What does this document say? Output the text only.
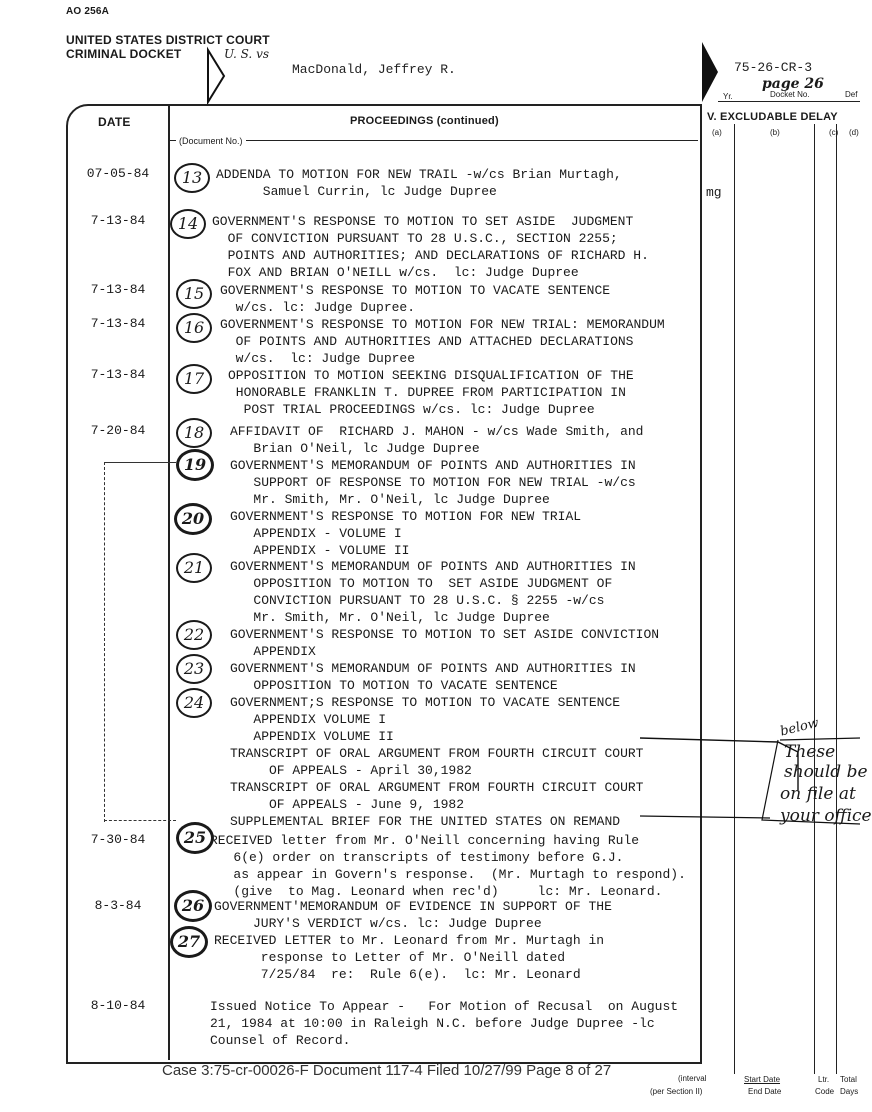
AO 256A
UNITED STATES DISTRICT COURT
CRIMINAL DOCKET	U. S. vs
MacDonald, Jeffrey R.	75-26-CR-3
page 26
Yr.	Docket No.	Def
DATE	PROCEEDINGS (continued)
(Document No.)
V. EXCLUDABLE DELAY
(a)	(b)	(c) (d)
07-05-84	13	ADDENDA TO MOTION FOR NEW TRAIL -w/cs Brian Murtagh,
Samuel Currin, lc Judge Dupree	mg
7-13-84	14	GOVERNMENT'S RESPONSE TO MOTION TO SET ASIDE  JUDGMENT
OF CONVICTION PURSUANT TO 28 U.S.C., SECTION 2255;
POINTS AND AUTHORITIES; AND DECLARATIONS OF RICHARD H.
FOX AND BRIAN O'NEILL w/cs.  lc: Judge Dupree
7-13-84	15	GOVERNMENT'S RESPONSE TO MOTION TO VACATE SENTENCE
w/cs. lc: Judge Dupree.
7-13-84	16	GOVERNMENT'S RESPONSE TO MOTION FOR NEW TRIAL: MEMORANDUM
OF POINTS AND AUTHORITIES AND ATTACHED DECLARATIONS
w/cs.  lc: Judge Dupree
7-13-84	17	OPPOSITION TO MOTION SEEKING DISQUALIFICATION OF THE
HONORABLE FRANKLIN T. DUPREE FROM PARTICIPATION IN
POST TRIAL PROCEEDINGS w/cs. lc: Judge Dupree
7-20-84	18	AFFIDAVIT OF  RICHARD J. MAHON - w/cs Wade Smith, and
Brian O'Neil, lc Judge Dupree
19	GOVERNMENT'S MEMORANDUM OF POINTS AND AUTHORITIES IN
SUPPORT OF RESPONSE TO MOTION FOR NEW TRIAL -w/cs
Mr. Smith, Mr. O'Neil, lc Judge Dupree
20	GOVERNMENT'S RESPONSE TO MOTION FOR NEW TRIAL
APPENDIX - VOLUME I
APPENDIX - VOLUME II
21	GOVERNMENT'S MEMORANDUM OF POINTS AND AUTHORITIES IN
OPPOSITION TO MOTION TO  SET ASIDE JUDGMENT OF
CONVICTION PURSUANT TO 28 U.S.C. § 2255 -w/cs
Mr. Smith, Mr. O'Neil, lc Judge Dupree
22	GOVERNMENT'S RESPONSE TO MOTION TO SET ASIDE CONVICTION
APPENDIX
23	GOVERNMENT'S MEMORANDUM OF POINTS AND AUTHORITIES IN
OPPOSITION TO MOTION TO VACATE SENTENCE
24	GOVERNMENT;S RESPONSE TO MOTION TO VACATE SENTENCE
APPENDIX VOLUME I
APPENDIX VOLUME II
TRANSCRIPT OF ORAL ARGUMENT FROM FOURTH CIRCUIT COURT
OF APPEALS - April 30,1982
TRANSCRIPT OF ORAL ARGUMENT FROM FOURTH CIRCUIT COURT
OF APPEALS - June 9, 1982
SUPPLEMENTAL BRIEF FOR THE UNITED STATES ON REMAND
7-30-84	25 RECEIVED letter from Mr. O'Neill concerning having Rule
6(e) order on transcripts of testimony before G.J.
as appear in Govern's response.  (Mr. Murtagh to respond).
(give  to Mag. Leonard when rec'd)     lc: Mr. Leonard.
8-3-84	26 GOVERNMENT'MEMORANDUM OF EVIDENCE IN SUPPORT OF THE
JURY'S VERDICT w/cs. lc: Judge Dupree
27	RECEIVED LETTER to Mr. Leonard from Mr. Murtagh in
response to Letter of Mr. O'Neill dated
7/25/84  re:  Rule 6(e).  lc: Mr. Leonard
8-10-84	Issued Notice To Appear -   For Motion of Recusal  on August
21, 1984 at 10:00 in Raleigh N.C. before Judge Dupree -lc
Counsel of Record.
below
These
should be
on file at
your office
Case 3:75-cr-00026-F Document 117-4 Filed 10/27/99 Page 8 of 27	(interval
(per Section II)
Start Date
End Date
Ltr.
Code
Total
Days
